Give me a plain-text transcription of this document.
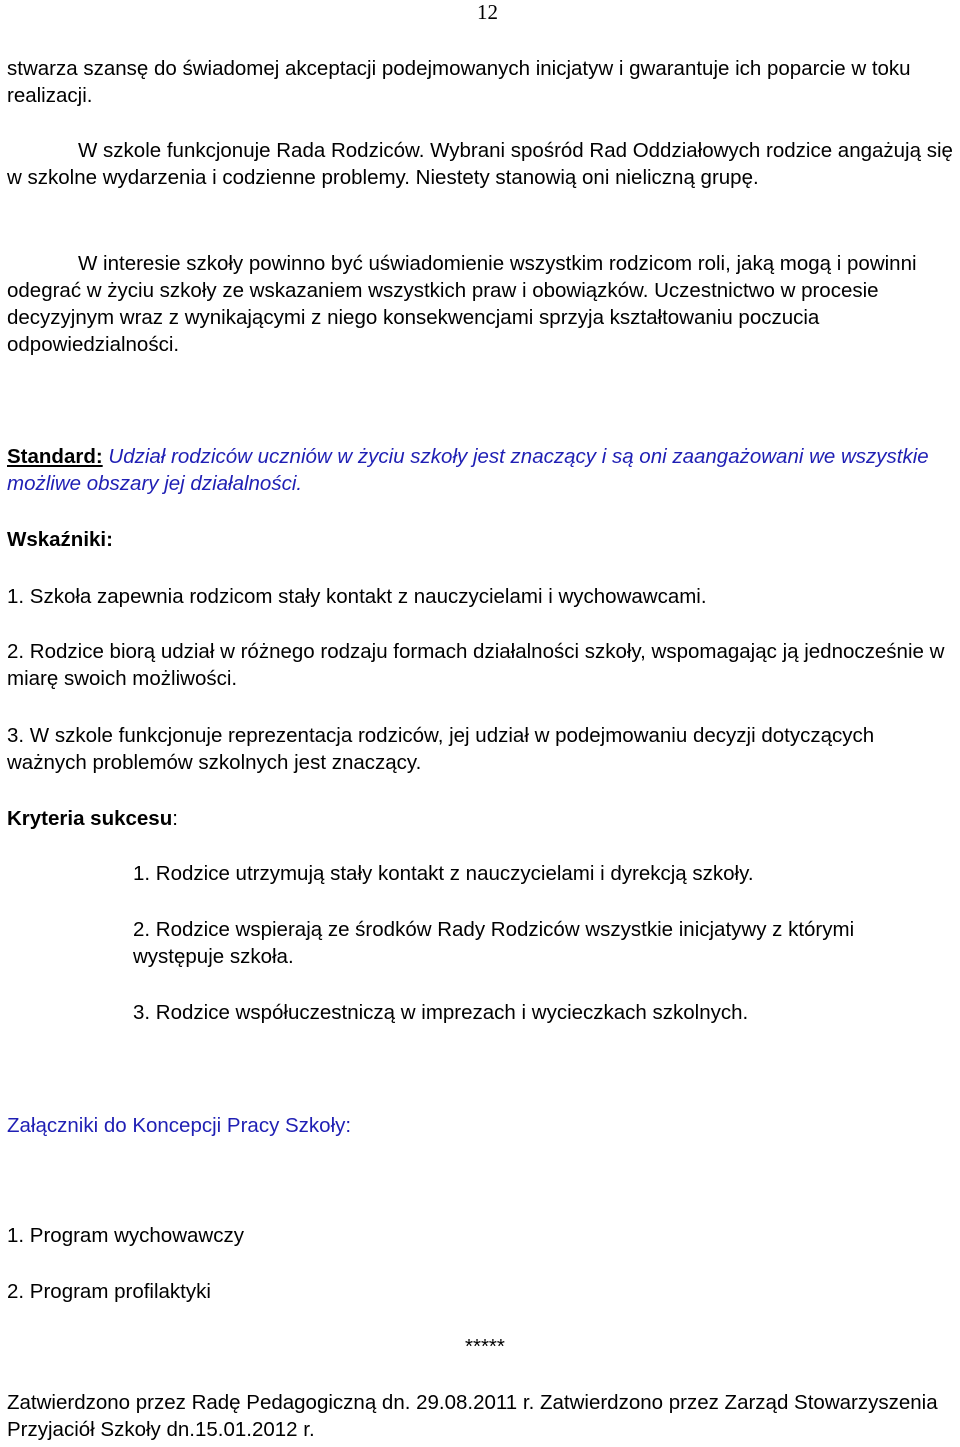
12

stwarza szansę do świadomej akceptacji podejmowanych inicjatyw i gwarantuje ich poparcie w toku realizacji.

W szkole funkcjonuje Rada Rodziców. Wybrani spośród Rad Oddziałowych rodzice angażują się w szkolne wydarzenia i codzienne problemy. Niestety stanowią oni nieliczną grupę.

W interesie szkoły powinno być uświadomienie wszystkim rodzicom roli, jaką mogą i powinni odegrać w życiu szkoły ze wskazaniem wszystkich praw i obowiązków. Uczestnictwo w procesie decyzyjnym wraz z wynikającymi z niego konsekwencjami sprzyja kształtowaniu poczucia odpowiedzialności.

Standard: Udział rodziców uczniów w życiu szkoły jest znaczący i są oni zaangażowani we wszystkie możliwe obszary jej działalności.

Wskaźniki:

1. Szkoła zapewnia rodzicom stały kontakt z nauczycielami i wychowawcami.

2. Rodzice biorą udział w różnego rodzaju formach działalności szkoły, wspomagając ją jednocześnie w miarę swoich możliwości.

3. W szkole funkcjonuje reprezentacja rodziców, jej udział w podejmowaniu decyzji dotyczących ważnych problemów szkolnych jest znaczący.

Kryteria sukcesu:

1. Rodzice utrzymują stały kontakt z nauczycielami i dyrekcją szkoły.

2. Rodzice wspierają ze środków Rady Rodziców wszystkie inicjatywy z którymi występuje szkoła.

3. Rodzice współuczestniczą w imprezach i wycieczkach szkolnych.

Załączniki do Koncepcji Pracy Szkoły:

1. Program wychowawczy

2. Program profilaktyki

*****

Zatwierdzono przez Radę Pedagogiczną dn. 29.08.2011 r. Zatwierdzono przez Zarząd Stowarzyszenia Przyjaciół Szkoły dn.15.01.2012 r.
